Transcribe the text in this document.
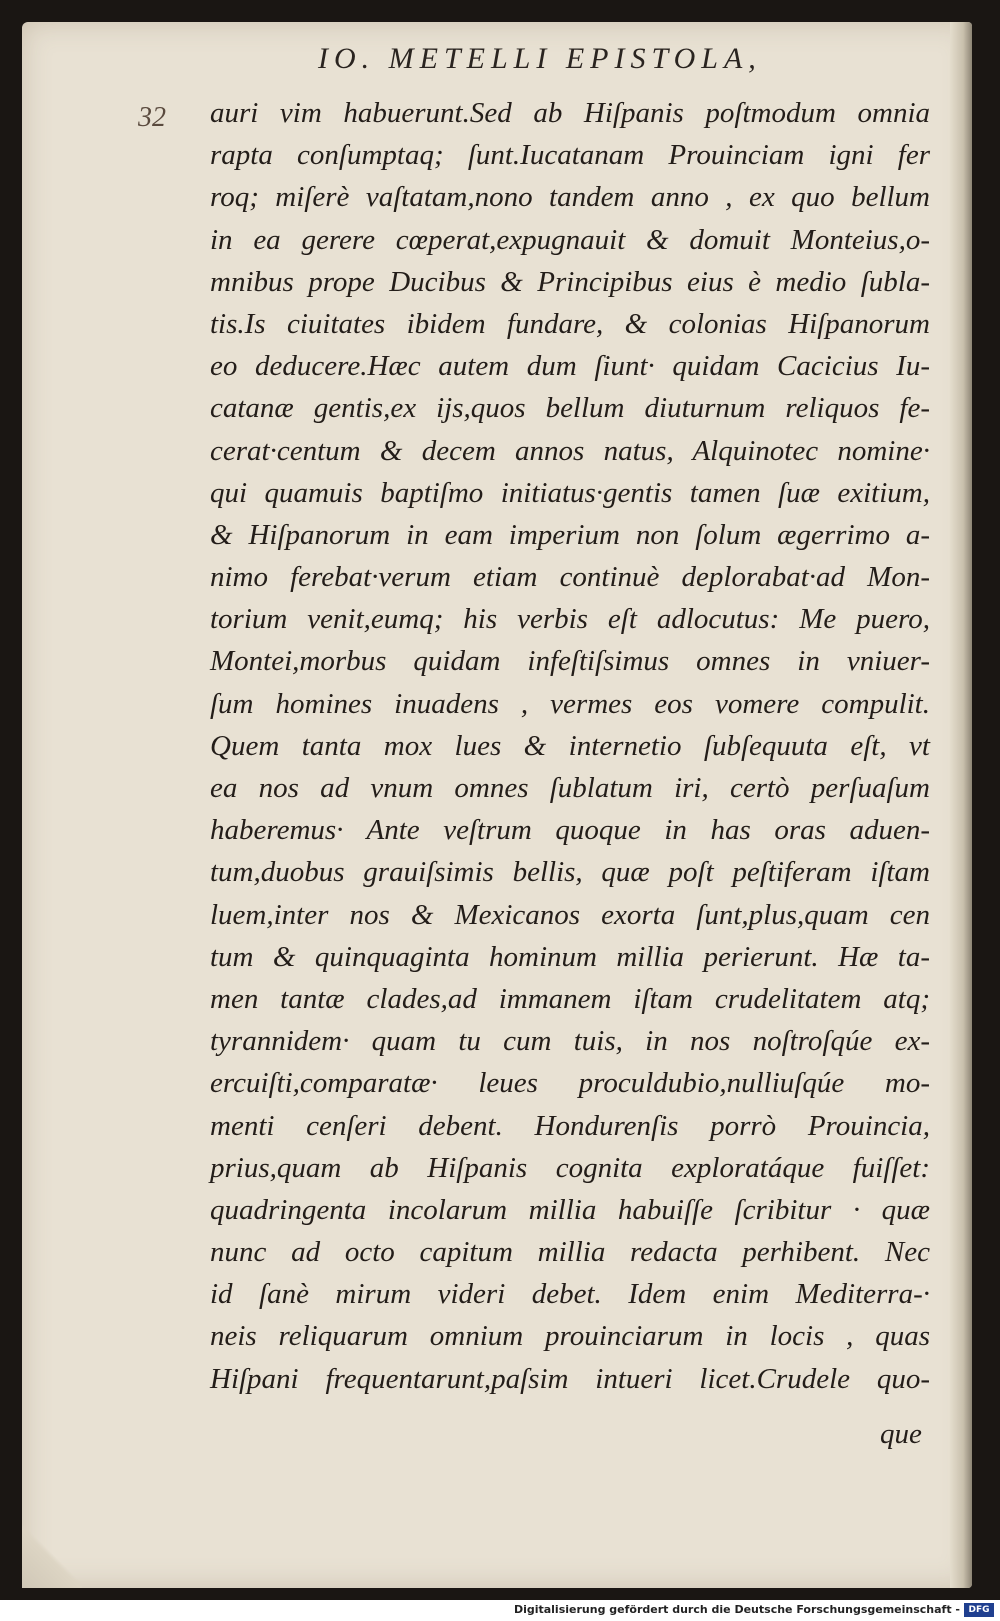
IO. METELLI EPISTOLA,
32 auri vim habuerunt.Sed ab Hiſpanis poſtmodum omnia
rapta conſumptaq; ſunt.Iucatanam Prouinciam igni fer
roq; miſerè vaſtatam,nono tandem anno , ex quo bellum
in ea gerere cœperat,expugnauit & domuit Monteius,o-
mnibus prope Ducibus & Principibus eius è medio ſubla-
tis.Is ciuitates ibidem fundare, & colonias Hiſpanorum
eo deducere.Hæc autem dum ſiunt· quidam Cacicius Iu-
catanæ gentis,ex ijs,quos bellum diuturnum reliquos fe-
cerat·centum & decem annos natus, Alquinotec nomine·
qui quamuis baptiſmo initiatus·gentis tamen ſuæ exitium,
& Hiſpanorum in eam imperium non ſolum ægerrimo a-
nimo ferebat·verum etiam continuè deplorabat·ad Mon-
torium venit,eumq; his verbis eſt adlocutus: Me puero,
Montei,morbus quidam infeſtiſsimus omnes in vniuer-
ſum homines inuadens , vermes eos vomere compulit.
Quem tanta mox lues & internetio ſubſequuta eſt, vt
ea nos ad vnum omnes ſublatum iri, certò perſuaſum
haberemus· Ante veſtrum quoque in has oras aduen-
tum,duobus grauiſsimis bellis, quæ poſt peſtiferam iſtam
luem,inter nos & Mexicanos exorta ſunt,plus,quam cen
tum & quinquaginta hominum millia perierunt. Hæ ta-
men tantæ clades,ad immanem iſtam crudelitatem atq;
tyrannidem· quam tu cum tuis, in nos noſtroſqúe ex-
ercuiſti,comparatæ· leues proculdubio,nulliuſqúe mo-
menti cenſeri debent. Hondurenſis porrò Prouincia,
prius,quam ab Hiſpanis cognita exploratáque fuiſſet:
quadringenta incolarum millia habuiſſe ſcribitur · quæ
nunc ad octo capitum millia redacta perhibent. Nec
id ſanè mirum videri debet. Idem enim Mediterra-·
neis reliquarum omnium prouinciarum in locis , quas
Hiſpani frequentarunt,paſsim intueri licet.Crudele quo-
que
Digitalisierung gefördert durch die Deutsche Forschungsgemeinschaft - DFG
